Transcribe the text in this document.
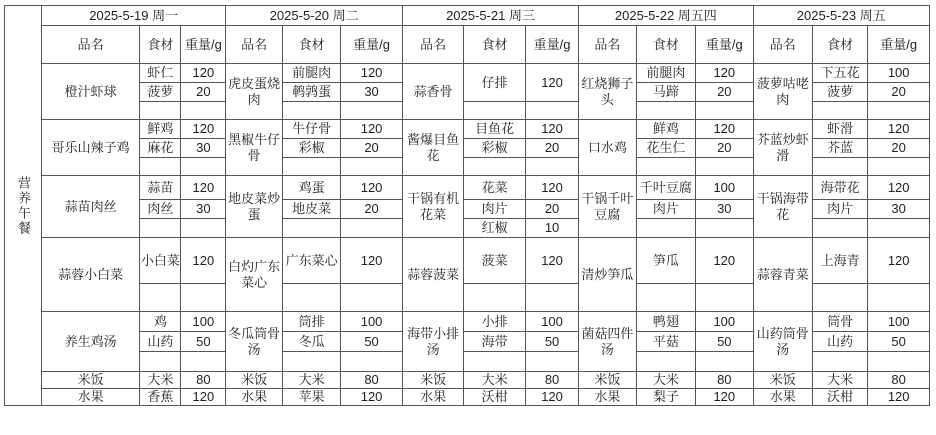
营养午餐	2025-5-19 周一			2025-5-20 周二			2025-5-21 周三			2025-5-22 周五四			2025-5-23 周五		
	品名	食材	重量/g	品名	食材	重量/g	品名	食材	重量/g	品名	食材	重量/g	品名	食材	重量/g
	橙汁虾球	虾仁	120	虎皮蛋烧肉	前腿肉	120	蒜香骨	仔排	120	红烧狮子头	前腿肉	120	菠萝咕咾肉	下五花	100
		菠萝	20		鹌鹑蛋	30					马蹄	20		菠萝	20

	哥乐山辣子鸡	鲜鸡	120	黑椒牛仔骨	牛仔骨	120	酱爆目鱼花	目鱼花	120	口水鸡	鲜鸡	120	芥蓝炒虾滑	虾滑	120
		麻花	30		彩椒	20		彩椒	20		花生仁	20		芥蓝	20

	蒜苗肉丝	蒜苗	120	地皮菜炒蛋	鸡蛋	120	干锅有机花菜	花菜	120	干锅千叶豆腐	千叶豆腐	100	干锅海带花	海带花	120
		肉丝	30		地皮菜	20		肉片	20		肉片	30		肉片	30
								红椒	10						
	蒜蓉小白菜	小白菜	120	白灼广东菜心	广东菜心	120	蒜蓉菠菜	菠菜	120	清炒笋瓜	笋瓜	120	蒜蓉青菜	上海青	120

	养生鸡汤	鸡	100	冬瓜筒骨汤	筒排	100	海带小排汤	小排	100	菌菇四件汤	鸭翅	100	山药筒骨汤	筒骨	100
		山药	50		冬瓜	50		海带	50		平菇	50		山药	50

	米饭	大米	80	米饭	大米	80	米饭	大米	80	米饭	大米	80	米饭	大米	80
	水果	香蕉	120	水果	苹果	120	水果	沃柑	120	水果	梨子	120	水果	沃柑	120
